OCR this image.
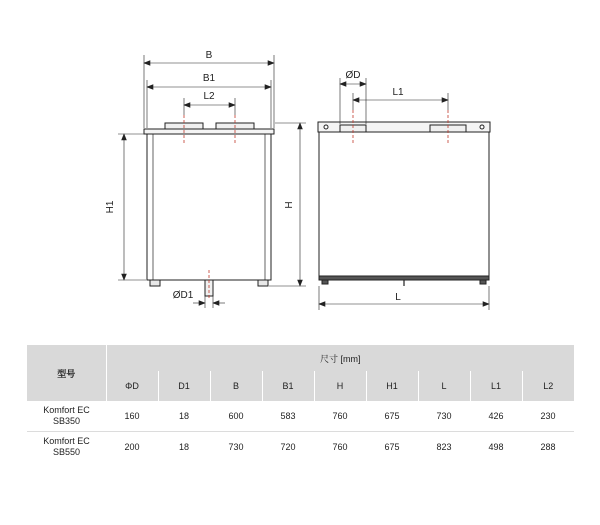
B
B1
L2
H1	H
ØD1
ØD
L1
L
型号	尺寸 [mm]								
	ΦD	D1	B	B1	H	H1	L	L1	L2

Komfort EC
SB350	160	18	600	583	760	675	730	426	230

Komfort EC
SB550	200	18	730	720	760	675	823	498	288
